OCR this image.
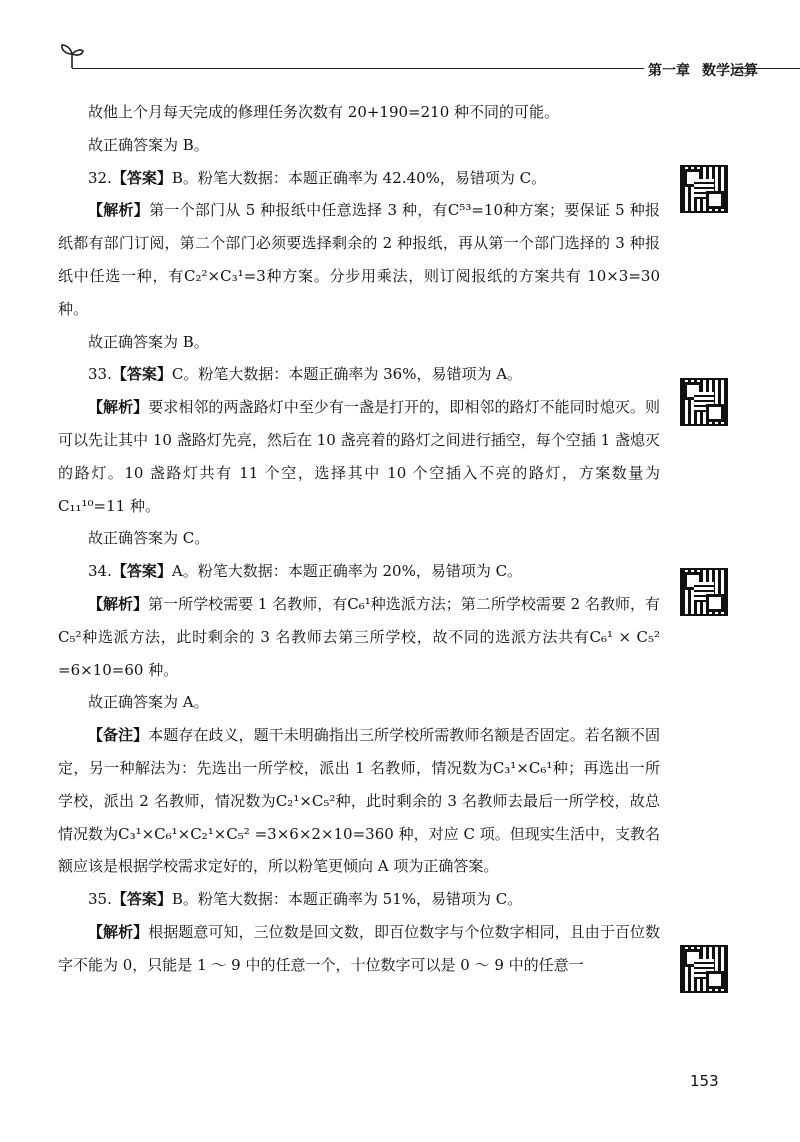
第一章 数学运算

故他上个月每天完成的修理任务次数有 20+190=210 种不同的可能。

故正确答案为 B。

32.【答案】B。粉笔大数据：本题正确率为 42.40%，易错项为 C。

【解析】第一个部门从 5 种报纸中任意选择 3 种，有C⁵³=10种方案；要保证 5 种报纸都有部门订阅，第二个部门必须要选择剩余的 2 种报纸，再从第一个部门选择的 3 种报纸中任选一种，有C₂²×C₃¹=3种方案。分步用乘法，则订阅报纸的方案共有 10×3=30 种。

故正确答案为 B。

33.【答案】C。粉笔大数据：本题正确率为 36%，易错项为 A。

【解析】要求相邻的两盏路灯中至少有一盏是打开的，即相邻的路灯不能同时熄灭。则可以先让其中 10 盏路灯先亮，然后在 10 盏亮着的路灯之间进行插空，每个空插 1 盏熄灭的路灯。10 盏路灯共有 11 个空，选择其中 10 个空插入不亮的路灯，方案数量为C₁₁¹⁰=11 种。

故正确答案为 C。

34.【答案】A。粉笔大数据：本题正确率为 20%，易错项为 C。

【解析】第一所学校需要 1 名教师，有C₆¹种选派方法；第二所学校需要 2 名教师，有C₅²种选派方法，此时剩余的 3 名教师去第三所学校，故不同的选派方法共有C₆¹ × C₅² =6×10=60 种。

故正确答案为 A。

【备注】本题存在歧义，题干未明确指出三所学校所需教师名额是否固定。若名额不固定，另一种解法为：先选出一所学校，派出 1 名教师，情况数为C₃¹×C₆¹种；再选出一所学校，派出 2 名教师，情况数为C₂¹×C₅²种，此时剩余的 3 名教师去最后一所学校，故总情况数为C₃¹×C₆¹×C₂¹×C₅² =3×6×2×10=360 种，对应 C 项。但现实生活中，支教名额应该是根据学校需求定好的，所以粉笔更倾向 A 项为正确答案。

35.【答案】B。粉笔大数据：本题正确率为 51%，易错项为 C。

【解析】根据题意可知，三位数是回文数，即百位数字与个位数字相同，且由于百位数字不能为 0，只能是 1 ～ 9 中的任意一个，十位数字可以是 0 ～ 9 中的任意一

153
